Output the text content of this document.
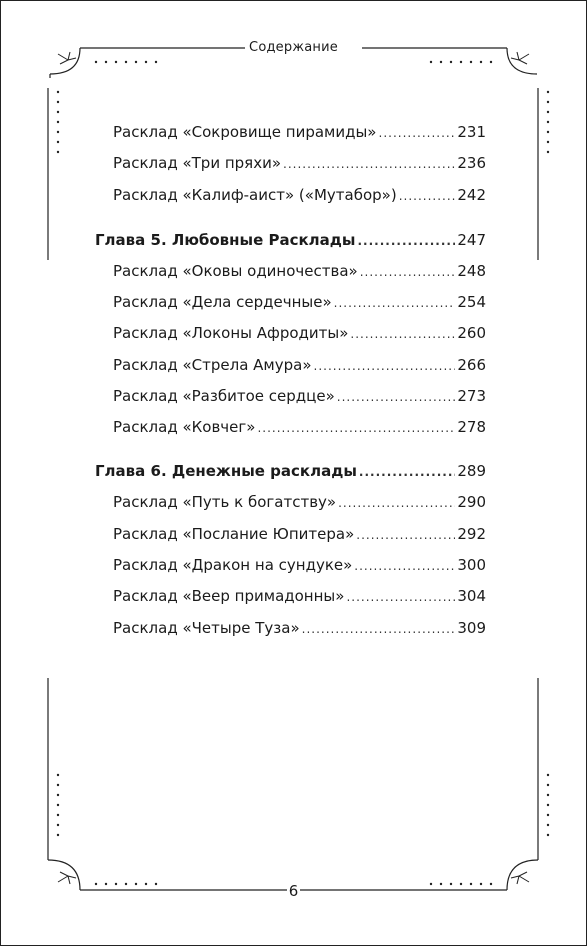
Содержание
Расклад «Сокровище пирамиды» .....	231
Расклад «Три пряхи» .....	236
Расклад «Калиф-аист» («Мутабор») .....	242
Глава 5. Любовные Расклады .....	247
Расклад «Оковы одиночества» .....	248
Расклад «Дела сердечные» .....	254
Расклад «Локоны Афродиты» .....	260
Расклад «Стрела Амура» .....	266
Расклад «Разбитое сердце» .....	273
Расклад «Ковчег» .....	278
Глава 6. Денежные расклады .....	289
Расклад «Путь к богатству» .....	290
Расклад «Послание Юпитера» .....	292
Расклад «Дракон на сундуке» .....	300
Расклад «Веер примадонны» .....	304
Расклад «Четыре Туза» .....	309
6
